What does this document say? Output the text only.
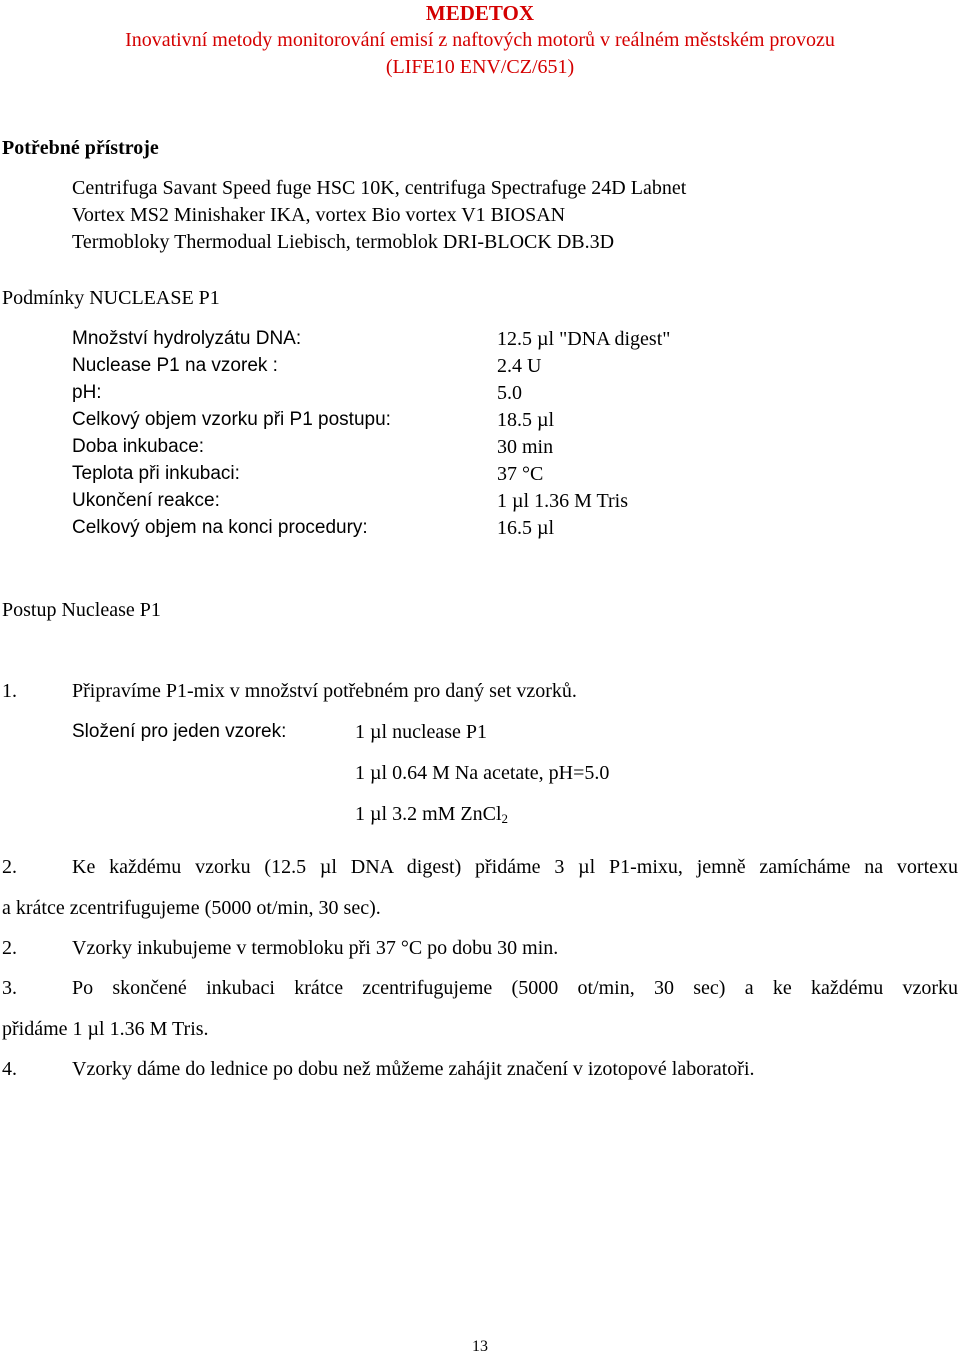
MEDETOX
Inovativní metody monitorování emisí z naftových motorů v reálném městském provozu
(LIFE10 ENV/CZ/651)
Potřebné přístroje
Centrifuga Savant Speed fuge HSC 10K, centrifuga Spectrafuge 24D Labnet
Vortex MS2 Minishaker IKA, vortex Bio vortex V1 BIOSAN
Termobloky Thermodual Liebisch, termoblok DRI-BLOCK DB.3D
Podmínky NUCLEASE P1
Množství hydrolyzátu DNA:	12.5 µl "DNA digest"
Nuclease P1 na vzorek :	2.4 U
pH:	5.0
Celkový objem vzorku při P1 postupu:	18.5 µl
Doba inkubace:	30 min
Teplota při inkubaci:	37 °C
Ukončení reakce:	1 µl 1.36 M Tris
Celkový objem na konci procedury:	16.5 µl
Postup Nuclease P1
1.	Připravíme P1-mix v množství potřebném pro daný set vzorků.
Složení pro jeden vzorek:	1 µl nuclease P1
1 µl 0.64 M Na acetate, pH=5.0
1 µl 3.2 mM ZnCl$_2$
2.	Ke každému vzorku (12.5 µl DNA digest) přidáme 3 µl P1-mixu, jemně zamícháme na vortexu
a krátce zcentrifugujeme (5000 ot/min, 30 sec).
2.	Vzorky inkubujeme v termobloku při 37 °C po dobu 30 min.
3.	Po skončené inkubaci krátce zcentrifugujeme (5000 ot/min, 30 sec) a ke každému vzorku
přidáme 1 µl 1.36 M Tris.
4.	Vzorky dáme do lednice po dobu než můžeme zahájit značení v izotopové laboratoři.
13
